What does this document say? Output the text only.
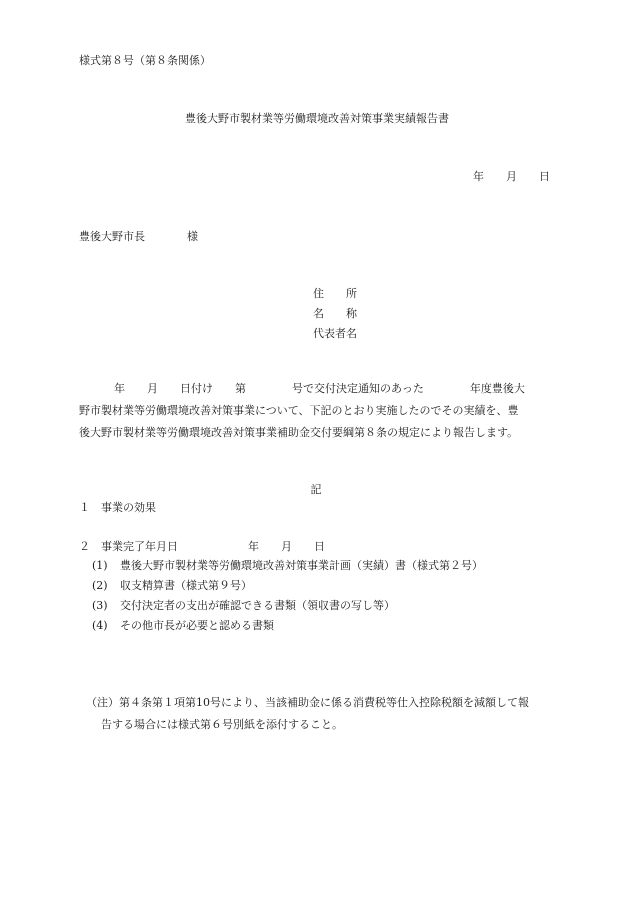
様式第８号（第８条関係）
豊後大野市製材業等労働環境改善対策事業実績報告書
年 月 日
豊後大野市長	様
住　　所
名　　称
代表者名
年 月 日付け 第	号で交付決定通知のあった	年度豊後大
野市製材業等労働環境改善対策事業について、下記のとおり実施したのでその実績を、豊
後大野市製材業等労働環境改善対策事業補助金交付要綱第８条の規定により報告します。
記
１　事業の効果
２　事業完了年月日	年 月 日
(1) 豊後大野市製材業等労働環境改善対策事業計画（実績）書（様式第２号）
(2) 収支精算書（様式第９号）
(3) 交付決定者の支出が確認できる書類（領収書の写し等）
(4) その他市長が必要と認める書類
（注）第４条第１項第10号により、当該補助金に係る消費税等仕入控除税額を減額して報
告する場合には様式第６号別紙を添付すること。
